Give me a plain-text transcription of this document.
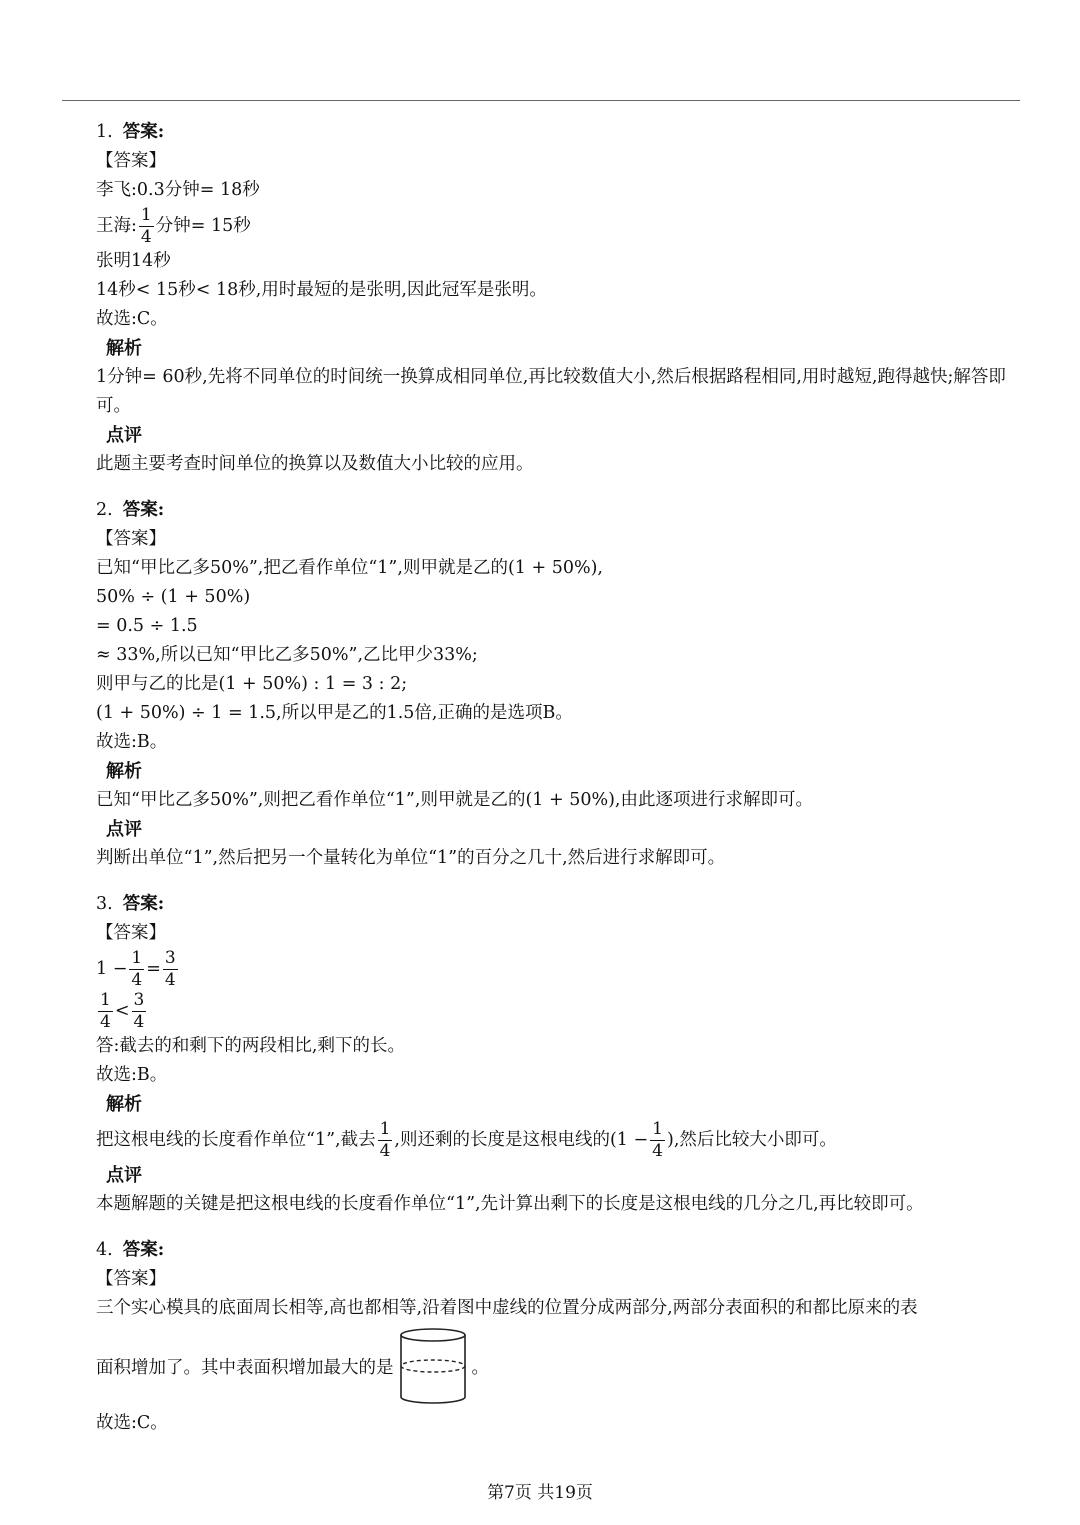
1. 答案:
【答案】
李飞:0.3分钟= 18秒
王海: $\frac{1}{4}$ 分钟= 15秒
张明14秒
14秒< 15秒< 18秒,用时最短的是张明,因此冠军是张明。
故选:C。
解析
1分钟= 60秒,先将不同单位的时间统一换算成相同单位,再比较数值大小,然后根据路程相同,用时越短,跑得越快;解答即可。
点评
此题主要考查时间单位的换算以及数值大小比较的应用。
2. 答案:
【答案】
已知“甲比乙多50%”,把乙看作单位“1”,则甲就是乙的(1 + 50%),
50% ÷ (1 + 50%)
= 0.5 ÷ 1.5
≈ 33%,所以已知“甲比乙多50%”,乙比甲少33%;
则甲与乙的比是(1 + 50%) : 1 = 3 : 2;
(1 + 50%) ÷ 1 = 1.5,所以甲是乙的1.5倍,正确的是选项B。
故选:B。
解析
已知“甲比乙多50%”,则把乙看作单位“1”,则甲就是乙的(1 + 50%),由此逐项进行求解即可。
点评
判断出单位“1”,然后把另一个量转化为单位“1”的百分之几十,然后进行求解即可。
3. 答案:
【答案】
$1 - \frac{1}{4} = \frac{3}{4}$
$\frac{1}{4} < \frac{3}{4}$
答:截去的和剩下的两段相比,剩下的长。
故选:B。
解析
把这根电线的长度看作单位“1”,截去 $\frac{1}{4}$ ,则还剩的长度是这根电线的($1 - \frac{1}{4}$ ),然后比较大小即可。
点评
本题解题的关键是把这根电线的长度看作单位“1”,先计算出剩下的长度是这根电线的几分之几,再比较即可。
4. 答案:
【答案】
三个实心模具的底面周长相等,高也都相等,沿着图中虚线的位置分成两部分,两部分表面积的和都比原来的表
面积增加了。其中表面积增加最大的是	。
故选:C。
第7页 共19页
